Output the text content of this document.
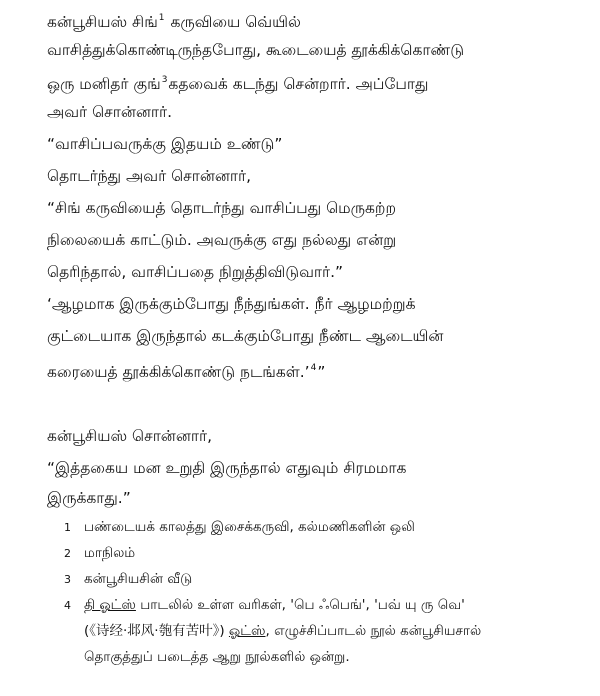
கன்பூசியஸ் சிங்$^1$ கருவியை வெ்யில்
வாசித்துக்கொண்டிருந்தபோது, கூடையைத் தூக்கிக்கொண்டு
ஒரு மனிதர் குங்$^3$கதவைக் கடந்து சென்றார். அப்போது
அவர் சொன்னார்.
“வாசிப்பவருக்கு இதயம் உண்டு”
தொடர்ந்து அவர் சொன்னார்,
“சிங் கருவியைத் தொடர்ந்து வாசிப்பது மெருகற்ற
நிலையைக் காட்டும். அவருக்கு எது நல்லது என்று
தெரிந்தால், வாசிப்பதை நிறுத்திவிடுவார்.”
‘ஆழமாக இருக்கும்போது நீந்துங்கள். நீர் ஆழமற்றுக்
குட்டையாக இருந்தால் கடக்கும்போது நீண்ட ஆடையின்
கரையைத் தூக்கிக்கொண்டு நடங்கள்.’$^4$”
கன்பூசியஸ் சொன்னார்,
“இத்தகைய மன உறுதி இருந்தால் எதுவும் சிரமமாக
இருக்காது.”
1 பண்டையக் காலத்து இசைக்கருவி, கல்மணிகளின் ஒலி
2 மாநிலம்
3 கன்பூசியசின் வீடு
4 தி ஓட்ஸ் பாடலில் உள்ள வரிகள், 'பெ ஃபெங்', 'பவ் யு ரு வெ'
(《诗经·邶风·匏有苦叶》) ஓட்ஸ், எழுச்சிப்பாடல் நூல் கன்பூசியசால்
தொகுத்துப் படைத்த ஆறு நூல்களில் ஒன்று.
